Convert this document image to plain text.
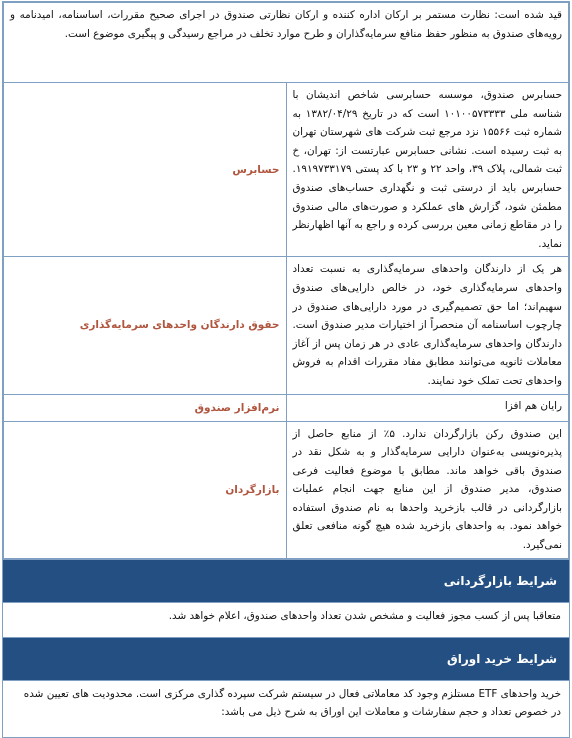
قید شده است: نظارت مستمر بر ارکان اداره کننده و ارکان نظارتی صندوق در اجرای صحیح مقررات، اساسنامه، امیدنامه و رویه‌های صندوق به منظور حفظ منافع سرمایه‌گذاران و طرح موارد تخلف در مراجع رسیدگی و پیگیری موضوع است.	
حسابرس صندوق، موسسه حسابرسی شاخص اندیشان با شناسه ملی ۱۰۱۰۰۵۷۳۳۳۳ است که در تاریخ ۱۳۸۲/۰۴/۲۹ به شماره ثبت ۱۵۵۶۶ نزد مرجع ثبت شرکت های شهرستان تهران به ثبت رسیده است. نشانی حسابرس عبارتست از: تهران، خ ثبت شمالی، پلاک ۳۹، واحد ۲۲ و ۲۳ با کد پستی ۱۹۱۹۷۳۳۱۷۹. حسابرس باید از درستی ثبت و نگهداری حساب‌های صندوق مطمئن شود، گزارش های عملکرد و صورت‌های مالی صندوق را در مقاطع زمانی معین بررسی کرده و راجع به آنها اظهارنظر نماید.	حسابرس
هر یک از دارندگان واحدهای سرمایه‌گذاری به نسبت تعداد واحدهای سرمایه‌گذاری خود، در خالص دارایی‌های صندوق سهیم‌اند؛ اما حق تصمیم‌گیری در مورد دارایی‌های صندوق در چارچوب اساسنامه آن منحصراً از اختیارات مدیر صندوق است. دارندگان واحدهای سرمایه‌گذاری عادی در هر زمان پس از آغاز معاملات ثانویه می‌توانند مطابق مفاد مقررات اقدام به فروش واحدهای تحت تملک خود نمایند.	حقوق دارندگان واحدهای سرمایه‌گذاری
رایان هم افزا	نرم‌افزار صندوق
این صندوق رکن بازارگردان ندارد. ۵٪ از منابع حاصل از پذیره‌نویسی به‌عنوان دارایی سرمایه‌گذار و به شکل نقد در صندوق باقی خواهد ماند. مطابق با موضوع فعالیت فرعی صندوق، مدیر صندوق از این منابع جهت انجام عملیات بازارگردانی در قالب بازخرید واحدها به نام صندوق استفاده خواهد نمود. به واحدهای بازخرید شده هیچ گونه منافعی تعلق نمی‌گیرد.	بازارگردان
شرایط بازارگردانی
متعاقبا پس از کسب مجوز فعالیت و مشخص شدن تعداد واحدهای صندوق، اعلام خواهد شد.
شرایط خرید اوراق
خرید واحدهای ETF مستلزم وجود کد معاملاتی فعال در سیستم شرکت سپرده گذاری مرکزی است. محدودیت های تعیین شده در خصوص تعداد و حجم سفارشات و معاملات این اوراق به شرح ذیل می باشد:
